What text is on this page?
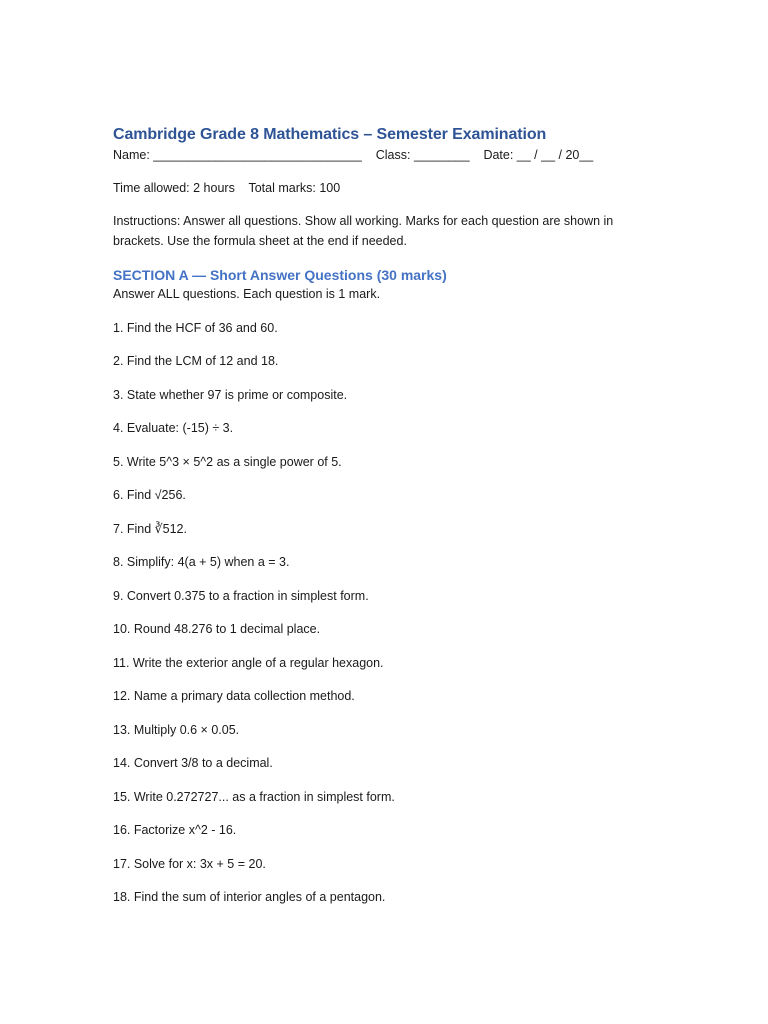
Cambridge Grade 8 Mathematics – Semester Examination

Name: ______________________________    Class: ________    Date: __ / __ / 20__

Time allowed: 2 hours    Total marks: 100

Instructions: Answer all questions. Show all working. Marks for each question are shown in brackets. Use the formula sheet at the end if needed.

SECTION A — Short Answer Questions (30 marks)

Answer ALL questions. Each question is 1 mark.

1. Find the HCF of 36 and 60.

2. Find the LCM of 12 and 18.

3. State whether 97 is prime or composite.

4. Evaluate: (-15) ÷ 3.

5. Write 5^3 × 5^2 as a single power of 5.

6. Find √256.

7. Find ∛512.

8. Simplify: 4(a + 5) when a = 3.

9. Convert 0.375 to a fraction in simplest form.

10. Round 48.276 to 1 decimal place.

11. Write the exterior angle of a regular hexagon.

12. Name a primary data collection method.

13. Multiply 0.6 × 0.05.

14. Convert 3/8 to a decimal.

15. Write 0.272727... as a fraction in simplest form.

16. Factorize x^2 - 16.

17. Solve for x: 3x + 5 = 20.

18. Find the sum of interior angles of a pentagon.
